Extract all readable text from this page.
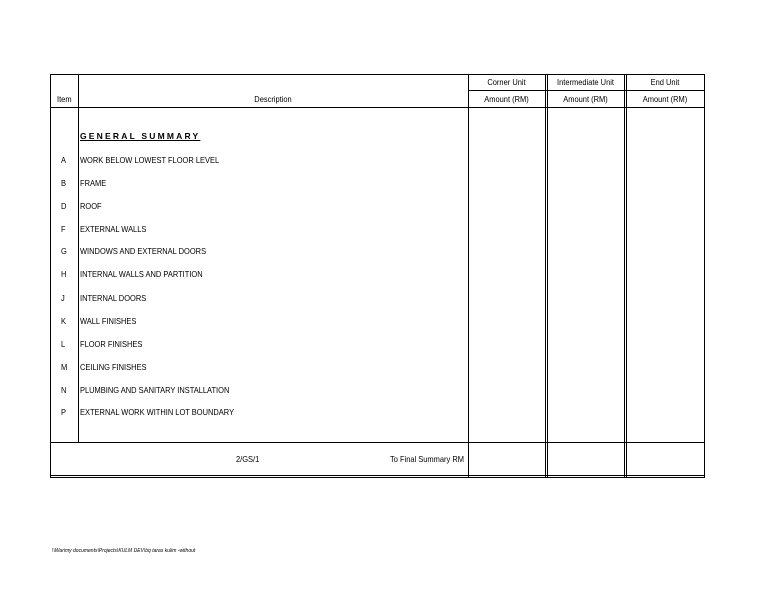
Item	Description
Corner Unit
Amount (RM)
Intermediate Unit
Amount (RM)
End Unit
Amount (RM)
GENERAL SUMMARY
A WORK BELOW LOWEST FLOOR LEVEL
B FRAME
D ROOF
F EXTERNAL WALLS
G WINDOWS AND EXTERNAL DOORS
H INTERNAL WALLS AND PARTITION
J INTERNAL DOORS
K WALL FINISHES
L FLOOR FINISHES
M CEILING FINISHES
N PLUMBING AND SANITARY INSTALLATION
P EXTERNAL WORK WITHIN LOT BOUNDARY
2/GS/1	To Final Summary RM
\\Warimy documents\Projects\KULM DEV\bq taras kulim -without
